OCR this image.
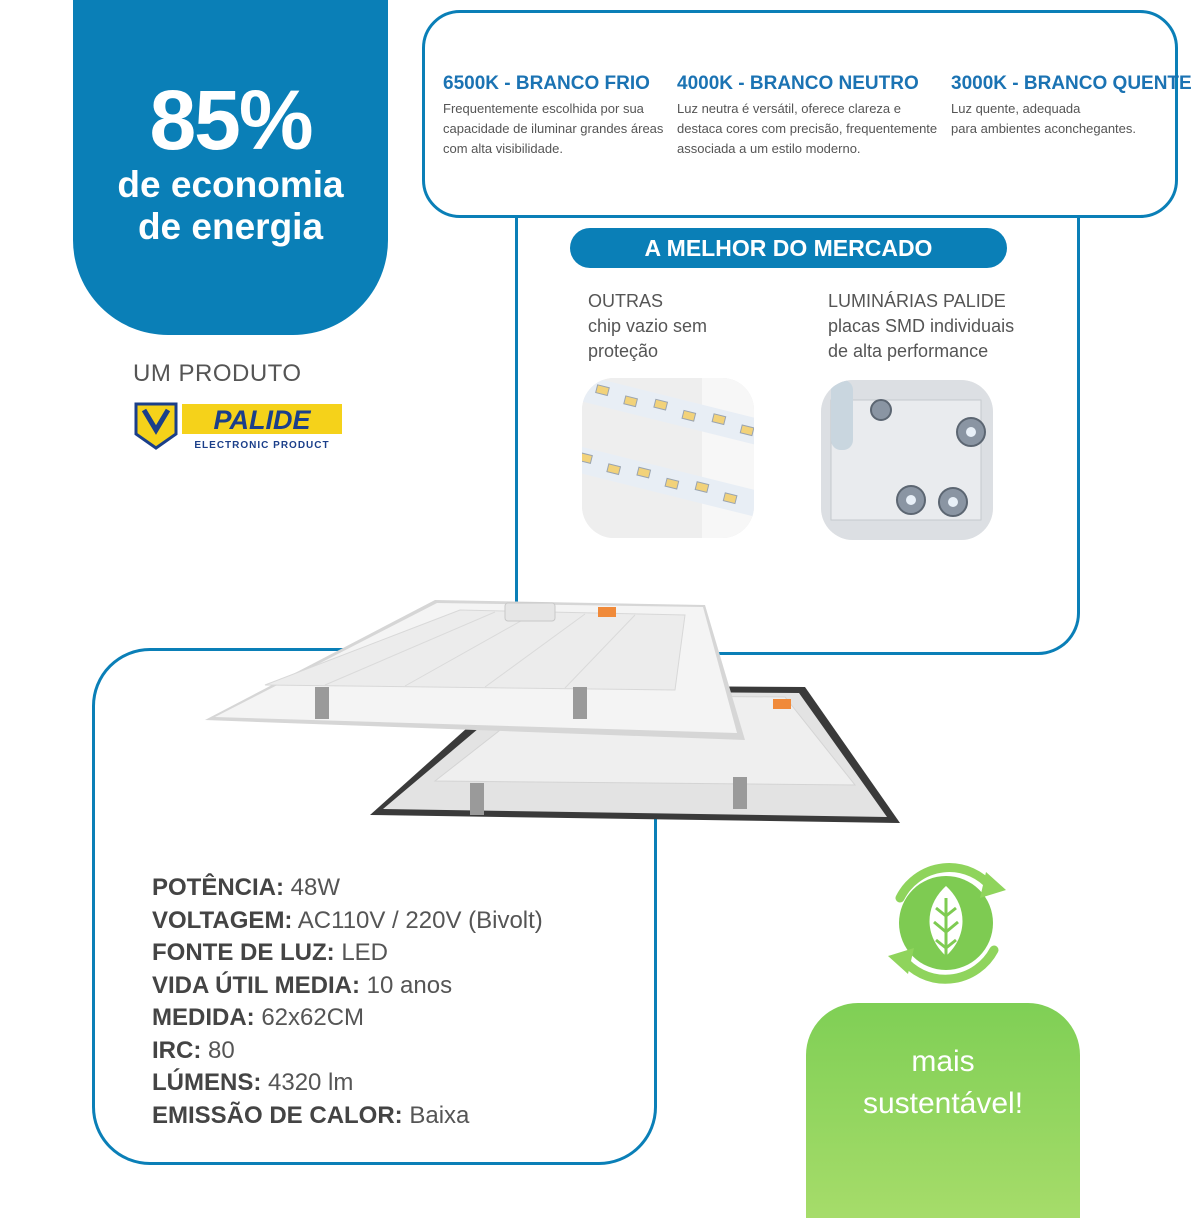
85%
de economia
de energia
UM PRODUTO
PALIDE
ELECTRONIC PRODUCT
6500K - BRANCO FRIO

Frequentemente escolhida por sua
capacidade de iluminar grandes áreas
com alta visibilidade.

4000K - BRANCO NEUTRO

Luz neutra é versátil, oferece clareza e
destaca cores com precisão, frequentemente
associada a um estilo moderno.

3000K - BRANCO QUENTE

Luz quente, adequada
para ambientes aconchegantes.

A MELHOR DO MERCADO
OUTRAS
chip vazio sem
proteção
LUMINÁRIAS PALIDE
placas SMD individuais
de alta performance
POTÊNCIA: 48W
VOLTAGEM: AC110V / 220V (Bivolt)
FONTE DE LUZ: LED
VIDA ÚTIL MEDIA: 10 anos
MEDIDA: 62x62CM
IRC: 80
LÚMENS: 4320 lm
EMISSÃO DE CALOR: Baixa
mais
sustentável!
